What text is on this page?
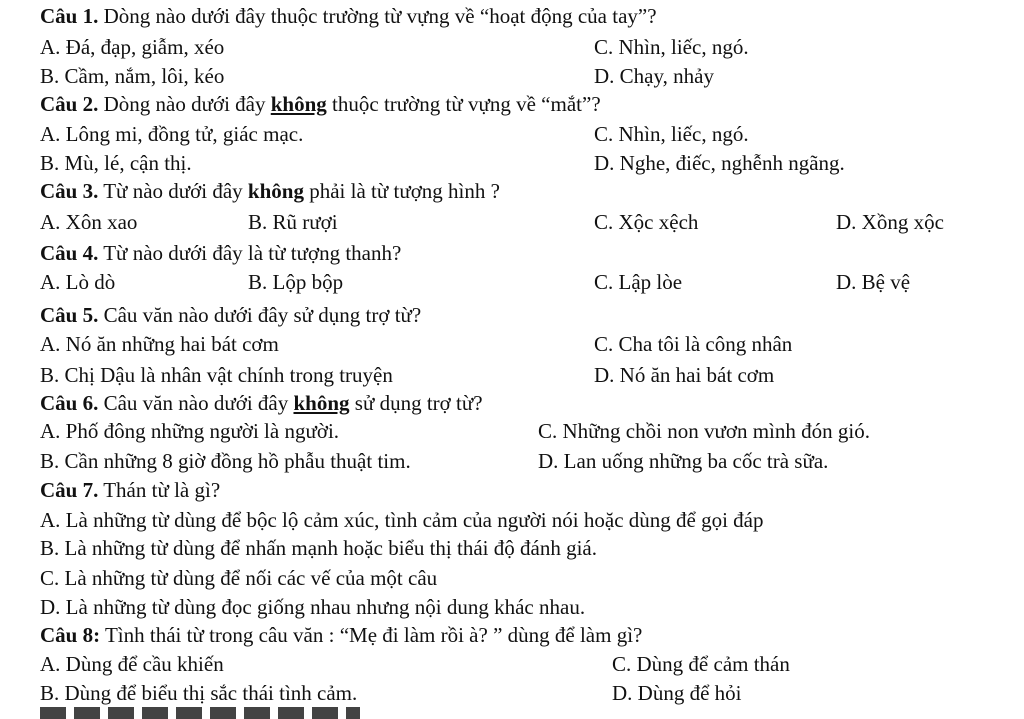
Câu 1. Dòng nào dưới đây thuộc trường từ vựng về “hoạt động của tay”?
A. Đá, đạp, giẫm, xéo	C. Nhìn, liếc, ngó.
B. Cầm, nắm, lôi, kéo	D. Chạy, nhảy
Câu 2. Dòng nào dưới đây không thuộc trường từ vựng về “mắt”?
A. Lông mi, đồng tử, giác mạc.	C. Nhìn, liếc, ngó.
B. Mù, lé, cận thị.	D. Nghe, điếc, nghễnh ngãng.
Câu 3. Từ nào dưới đây không phải là từ tượng hình ?
A. Xôn xao	B. Rũ rượi	C. Xộc xệch	D. Xồng xộc
Câu 4. Từ nào dưới đây là từ tượng thanh?
A. Lò dò	B. Lộp bộp	C. Lập lòe	D. Bệ vệ
Câu 5. Câu văn nào dưới đây sử dụng trợ từ?
A. Nó ăn những hai bát cơm	C. Cha tôi là công nhân
B. Chị Dậu là nhân vật chính trong truyện	D. Nó ăn hai bát cơm
Câu 6. Câu văn nào dưới đây không sử dụng trợ từ?
A. Phố đông những người là người.	C. Những chồi non vươn mình đón gió.
B. Cần những 8 giờ đồng hồ phẫu thuật tim.	D. Lan uống những ba cốc trà sữa.
Câu 7. Thán từ là gì?
A. Là những từ dùng để bộc lộ cảm xúc, tình cảm của người nói hoặc dùng để gọi đáp
B. Là những từ dùng để nhấn mạnh hoặc biểu thị thái độ đánh giá.
C. Là những từ dùng để nối các vế của một câu
D. Là những từ dùng đọc giống nhau nhưng nội dung khác nhau.
Câu 8: Tình thái từ trong câu văn : “Mẹ đi làm rồi à? ” dùng để làm gì?
A. Dùng để cầu khiến	C. Dùng để cảm thán
B. Dùng để biểu thị sắc thái tình cảm.	D. Dùng để hỏi
